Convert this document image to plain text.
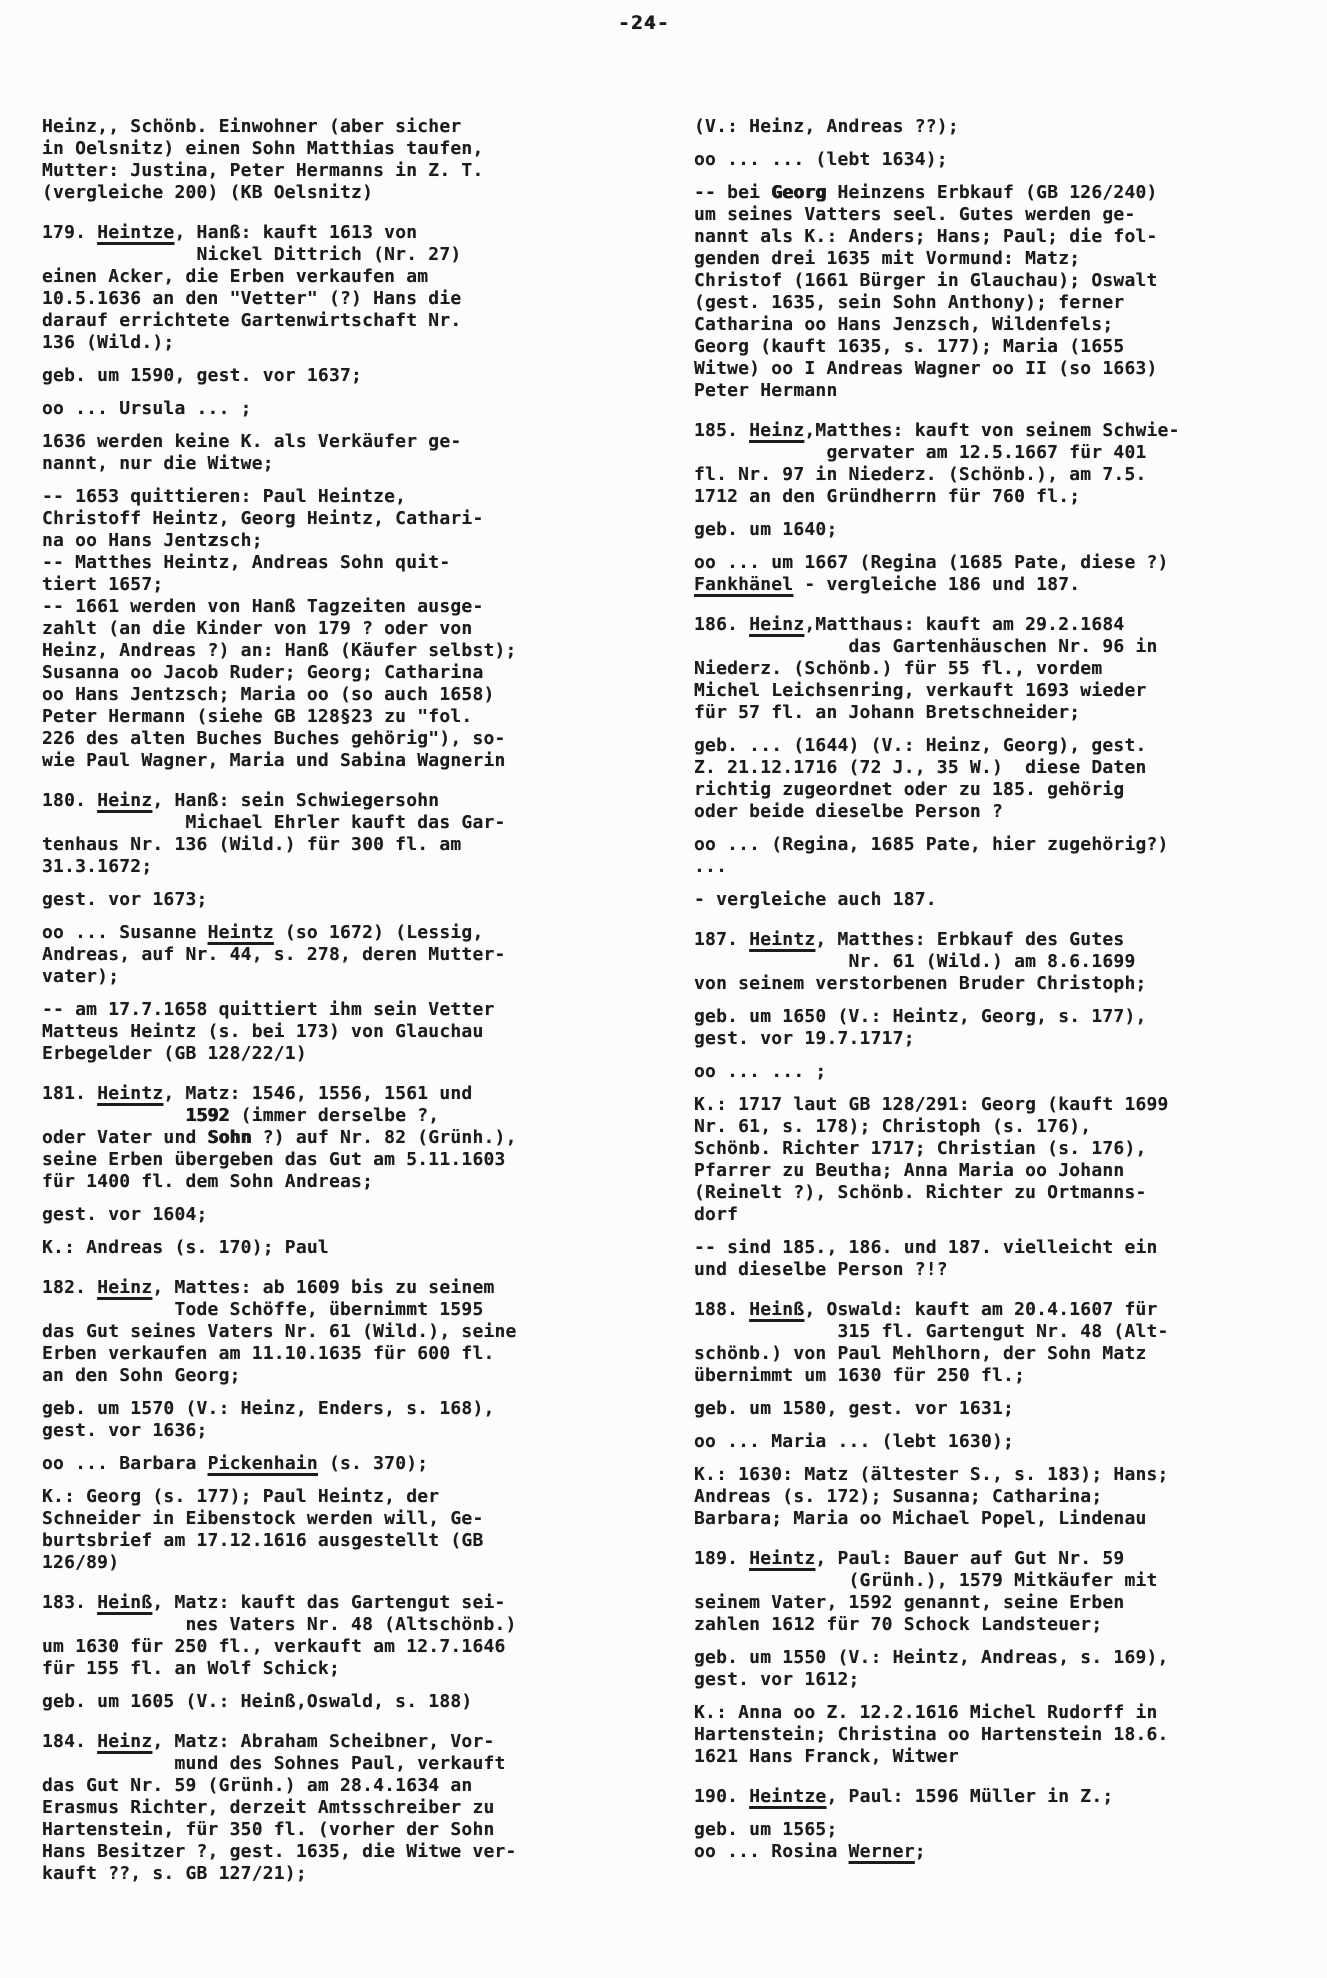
-24-
Heinz,, Schönb. Einwohner (aber sicher
in Oelsnitz) einen Sohn Matthias taufen,
Mutter: Justina, Peter Hermanns in Z. T.
(vergleiche 200) (KB Oelsnitz)
179. Heintze, Hanß: kauft 1613 von
Nickel Dittrich (Nr. 27)
einen Acker, die Erben verkaufen am
10.5.1636 an den "Vetter" (?) Hans die
darauf errichtete Gartenwirtschaft Nr.
136 (Wild.);
geb. um 1590, gest. vor 1637;
oo ... Ursula ... ;
1636 werden keine K. als Verkäufer ge-
nannt, nur die Witwe;
-- 1653 quittieren: Paul Heintze,
Christoff Heintz, Georg Heintz, Cathari-
na oo Hans Jentzsch;
-- Matthes Heintz, Andreas Sohn quit-
tiert 1657;
-- 1661 werden von Hanß Tagzeiten ausge-
zahlt (an die Kinder von 179 ? oder von
Heinz, Andreas ?) an: Hanß (Käufer selbst);
Susanna oo Jacob Ruder; Georg; Catharina
oo Hans Jentzsch; Maria oo (so auch 1658)
Peter Hermann (siehe GB 128§23 zu "fol.
226 des alten Buches Buches gehörig"), so-
wie Paul Wagner, Maria und Sabina Wagnerin
180. Heinz, Hanß: sein Schwiegersohn
Michael Ehrler kauft das Gar-
tenhaus Nr. 136 (Wild.) für 300 fl. am
31.3.1672;
gest. vor 1673;
oo ... Susanne Heintz (so 1672) (Lessig,
Andreas, auf Nr. 44, s. 278, deren Mutter-
vater);
-- am 17.7.1658 quittiert ihm sein Vetter
Matteus Heintz (s. bei 173) von Glauchau
Erbegelder (GB 128/22/1)
181. Heintz, Matz: 1546, 1556, 1561 und
1592 (immer derselbe ?,
oder Vater und Sohn ?) auf Nr. 82 (Grünh.),
seine Erben übergeben das Gut am 5.11.1603
für 1400 fl. dem Sohn Andreas;
gest. vor 1604;
K.: Andreas (s. 170); Paul
182. Heinz, Mattes: ab 1609 bis zu seinem
Tode Schöffe, übernimmt 1595
das Gut seines Vaters Nr. 61 (Wild.), seine
Erben verkaufen am 11.10.1635 für 600 fl.
an den Sohn Georg;
geb. um 1570 (V.: Heinz, Enders, s. 168),
gest. vor 1636;
oo ... Barbara Pickenhain (s. 370);
K.: Georg (s. 177); Paul Heintz, der
Schneider in Eibenstock werden will, Ge-
burtsbrief am 17.12.1616 ausgestellt (GB
126/89)
183. Heinß, Matz: kauft das Gartengut sei-
nes Vaters Nr. 48 (Altschönb.)
um 1630 für 250 fl., verkauft am 12.7.1646
für 155 fl. an Wolf Schick;
geb. um 1605 (V.: Heinß,Oswald, s. 188)
184. Heinz, Matz: Abraham Scheibner, Vor-
mund des Sohnes Paul, verkauft
das Gut Nr. 59 (Grünh.) am 28.4.1634 an
Erasmus Richter, derzeit Amtsschreiber zu
Hartenstein, für 350 fl. (vorher der Sohn
Hans Besitzer ?, gest. 1635, die Witwe ver-
kauft ??, s. GB 127/21);
(V.: Heinz, Andreas ??);
oo ... ... (lebt 1634);
-- bei Georg Heinzens Erbkauf (GB 126/240)
um seines Vatters seel. Gutes werden ge-
nannt als K.: Anders; Hans; Paul; die fol-
genden drei 1635 mit Vormund: Matz;
Christof (1661 Bürger in Glauchau); Oswalt
(gest. 1635, sein Sohn Anthony); ferner
Catharina oo Hans Jenzsch, Wildenfels;
Georg (kauft 1635, s. 177); Maria (1655
Witwe) oo I Andreas Wagner oo II (so 1663)
Peter Hermann
185. Heinz,Matthes: kauft von seinem Schwie-
gervater am 12.5.1667 für 401
fl. Nr. 97 in Niederz. (Schönb.), am 7.5.
1712 an den Gründherrn für 760 fl.;
geb. um 1640;
oo ... um 1667 (Regina (1685 Pate, diese ?)
Fankhänel - vergleiche 186 und 187.
186. Heinz,Matthaus: kauft am 29.2.1684
das Gartenhäuschen Nr. 96 in
Niederz. (Schönb.) für 55 fl., vordem
Michel Leichsenring, verkauft 1693 wieder
für 57 fl. an Johann Bretschneider;
geb. ... (1644) (V.: Heinz, Georg), gest.
Z. 21.12.1716 (72 J., 35 W.)  diese Daten
richtig zugeordnet oder zu 185. gehörig
oder beide dieselbe Person ?
oo ... (Regina, 1685 Pate, hier zugehörig?)
...
- vergleiche auch 187.
187. Heintz, Matthes: Erbkauf des Gutes
Nr. 61 (Wild.) am 8.6.1699
von seinem verstorbenen Bruder Christoph;
geb. um 1650 (V.: Heintz, Georg, s. 177),
gest. vor 19.7.1717;
oo ... ... ;
K.: 1717 laut GB 128/291: Georg (kauft 1699
Nr. 61, s. 178); Christoph (s. 176),
Schönb. Richter 1717; Christian (s. 176),
Pfarrer zu Beutha; Anna Maria oo Johann
(Reinelt ?), Schönb. Richter zu Ortmanns-
dorf
-- sind 185., 186. und 187. vielleicht ein
und dieselbe Person ?!?
188. Heinß, Oswald: kauft am 20.4.1607 für
315 fl. Gartengut Nr. 48 (Alt-
schönb.) von Paul Mehlhorn, der Sohn Matz
übernimmt um 1630 für 250 fl.;
geb. um 1580, gest. vor 1631;
oo ... Maria ... (lebt 1630);
K.: 1630: Matz (ältester S., s. 183); Hans;
Andreas (s. 172); Susanna; Catharina;
Barbara; Maria oo Michael Popel, Lindenau
189. Heintz, Paul: Bauer auf Gut Nr. 59
(Grünh.), 1579 Mitkäufer mit
seinem Vater, 1592 genannt, seine Erben
zahlen 1612 für 70 Schock Landsteuer;
geb. um 1550 (V.: Heintz, Andreas, s. 169),
gest. vor 1612;
K.: Anna oo Z. 12.2.1616 Michel Rudorff in
Hartenstein; Christina oo Hartenstein 18.6.
1621 Hans Franck, Witwer
190. Heintze, Paul: 1596 Müller in Z.;
geb. um 1565;
oo ... Rosina Werner;
